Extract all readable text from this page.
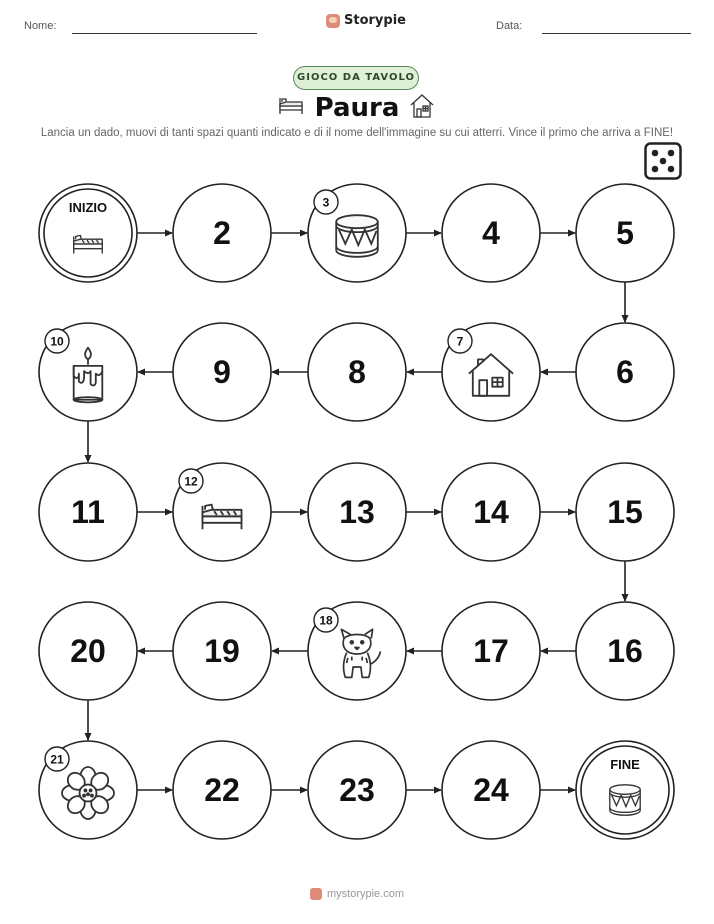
Nome:	Storypie	Data:
GIOCO DA TAVOLO
Paura
Lancia un dado, muovi di tanti spazi quanti indicato e di il nome dell'immagine su cui atterri. Vince il primo che arriva a FINE!
INIZIO
2
3
4	5
6
7
8
9
10
11
12
13	14	15
16
17
18
19
20
21
22	23	24
FINE
mystorypie.com
